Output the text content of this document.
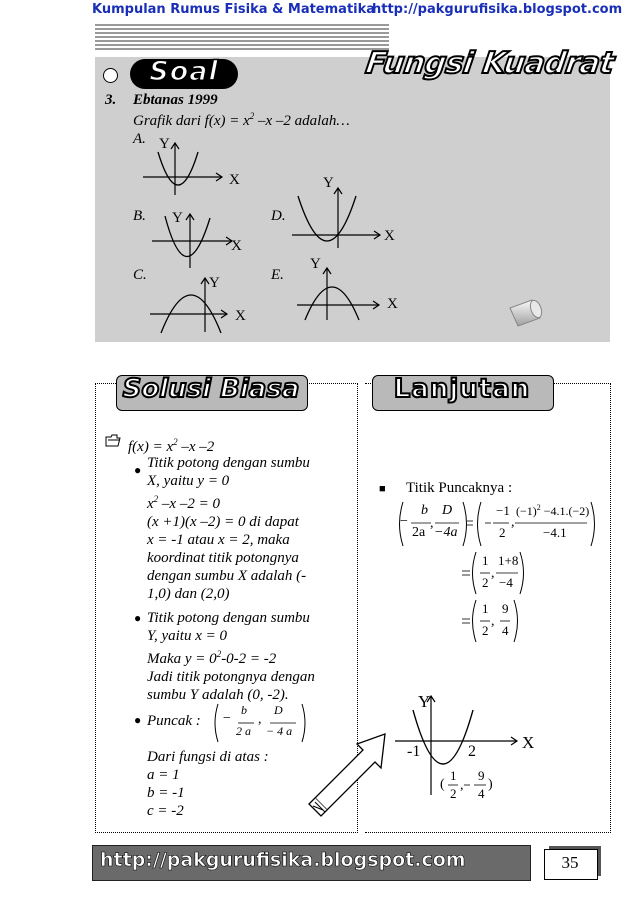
Kumpulan Rumus Fisika & Matematika
http://pakgurufisika.blogspot.com
Soal	Fungsi Kuadrat
3. Ebtanas 1999
Grafik dari $f(x) = x^2$ –x –2 adalah…
A.
B.
C.
D.
E.
Y
X
Y
X
Y
X
Y
X
Y
X
Solusi Biasa	Lanjutan
$f(x) = x^2$ –x –2
● Titik potong dengan sumbu
X, yaitu y = 0
$x^2$ –x –2 = 0
(x +1)(x –2) = 0 di dapat
x = -1 atau x = 2, maka
koordinat titik potongnya
dengan sumbu X adalah (-
1,0) dan (2,0)
● Titik potong dengan sumbu
Y, yaitu x = 0
Maka $y = 0^2-0-2 = -2$
Jadi titik potongnya dengan
sumbu Y adalah (0, -2).
● Puncak : −
b
2 a
,
D
− 4 a
Dari fungsi di atas :
a = 1
b = -1
c = -2
■ Titik Puncaknya :
−
b
2a
,
D
−4a
−1
2
,
$(-1)^2 -4.1.(-2)$
−4.1
1
2
,
1+8
−4
1
2
,
9
4
Y
X
-1	2
(
1
2
,
9
4
)
http://pakgurufisika.blogspot.com	35
